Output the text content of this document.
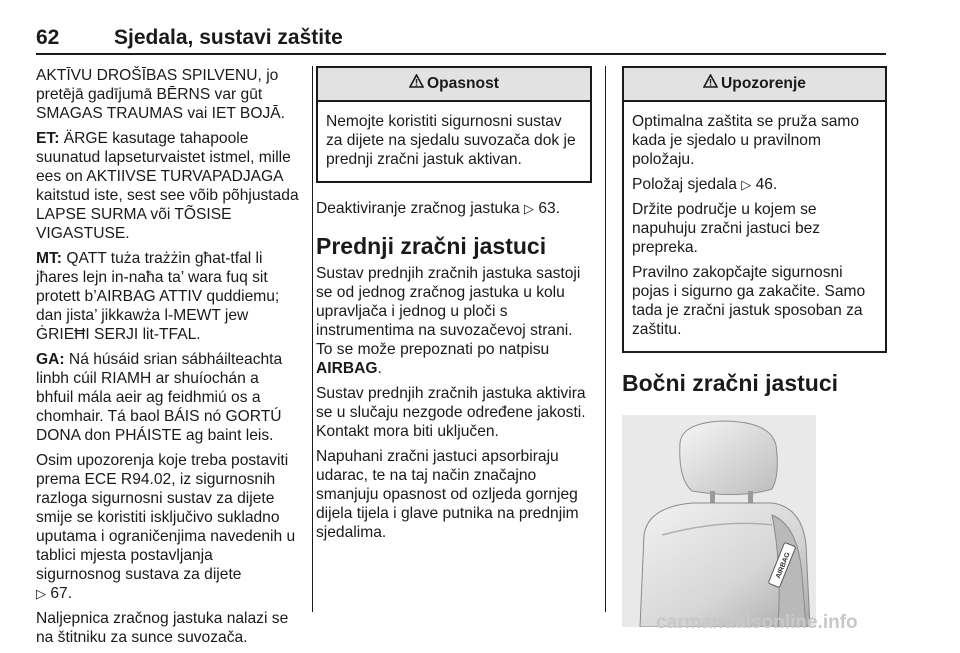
62	Sjedala, sustavi zaštite

AKTĪVU DROŠĪBAS SPILVENU, jo pretējā gadījumā BĒRNS var gūt SMAGAS TRAUMAS vai IET BOJĀ.

ET: ÄRGE kasutage tahapoole suunatud lapseturvaistet istmel, mille ees on AKTIIVSE TURVAPADJAGA kaitstud iste, sest see võib põhjustada LAPSE SURMA või TÕSISE VIGASTUSE.

MT: QATT tuża trażżin għat-tfal li jħares lejn in-naħa ta’ wara fuq sit protett b’AIRBAG ATTIV quddiemu; dan jista’ jikkawża l-MEWT jew ĠRIEĦI SERJI lit-TFAL.

GA: Ná húsáid srian sábháilteachta linbh cúil RIAMH ar shuíochán a bhfuil mála aeir ag feidhmiú os a chomhair. Tá baol BÁIS nó GORTÚ DONA don PHÁISTE ag baint leis.

Osim upozorenja koje treba postaviti prema ECE R94.02, iz sigurnosnih razloga sigurnosni sustav za dijete smije se koristiti isključivo sukladno uputama i ograničenjima navedenih u tablici mjesta postavljanja sigurnosnog sustava za dijete
▷ 67.

Naljepnica zračnog jastuka nalazi se na štitniku za sunce suvozača.

Opasnost

Nemojte koristiti sigurnosni sustav za dijete na sjedalu suvozača dok je prednji zračni jastuk aktivan.

Deaktiviranje zračnog jastuka ▷ 63.

Prednji zračni jastuci

Sustav prednjih zračnih jastuka sastoji se od jednog zračnog jastuka u kolu upravljača i jednog u ploči s instrumentima na suvozačevoj strani. To se može prepoznati po natpisu AIRBAG.

Sustav prednjih zračnih jastuka aktivira se u slučaju nezgode određene jakosti. Kontakt mora biti uključen.

Napuhani zračni jastuci apsorbiraju udarac, te na taj način značajno smanjuju opasnost od ozljeda gornjeg dijela tijela i glave putnika na prednjim sjedalima.

Upozorenje

Optimalna zaštita se pruža samo kada je sjedalo u pravilnom položaju.

Položaj sjedala ▷ 46.

Držite područje u kojem se napuhuju zračni jastuci bez prepreka.

Pravilno zakopčajte sigurnosni pojas i sigurno ga zakačite. Samo tada je zračni jastuk sposoban za zaštitu.

Bočni zračni jastuci
AIRBAG
carmanualsonline.info
